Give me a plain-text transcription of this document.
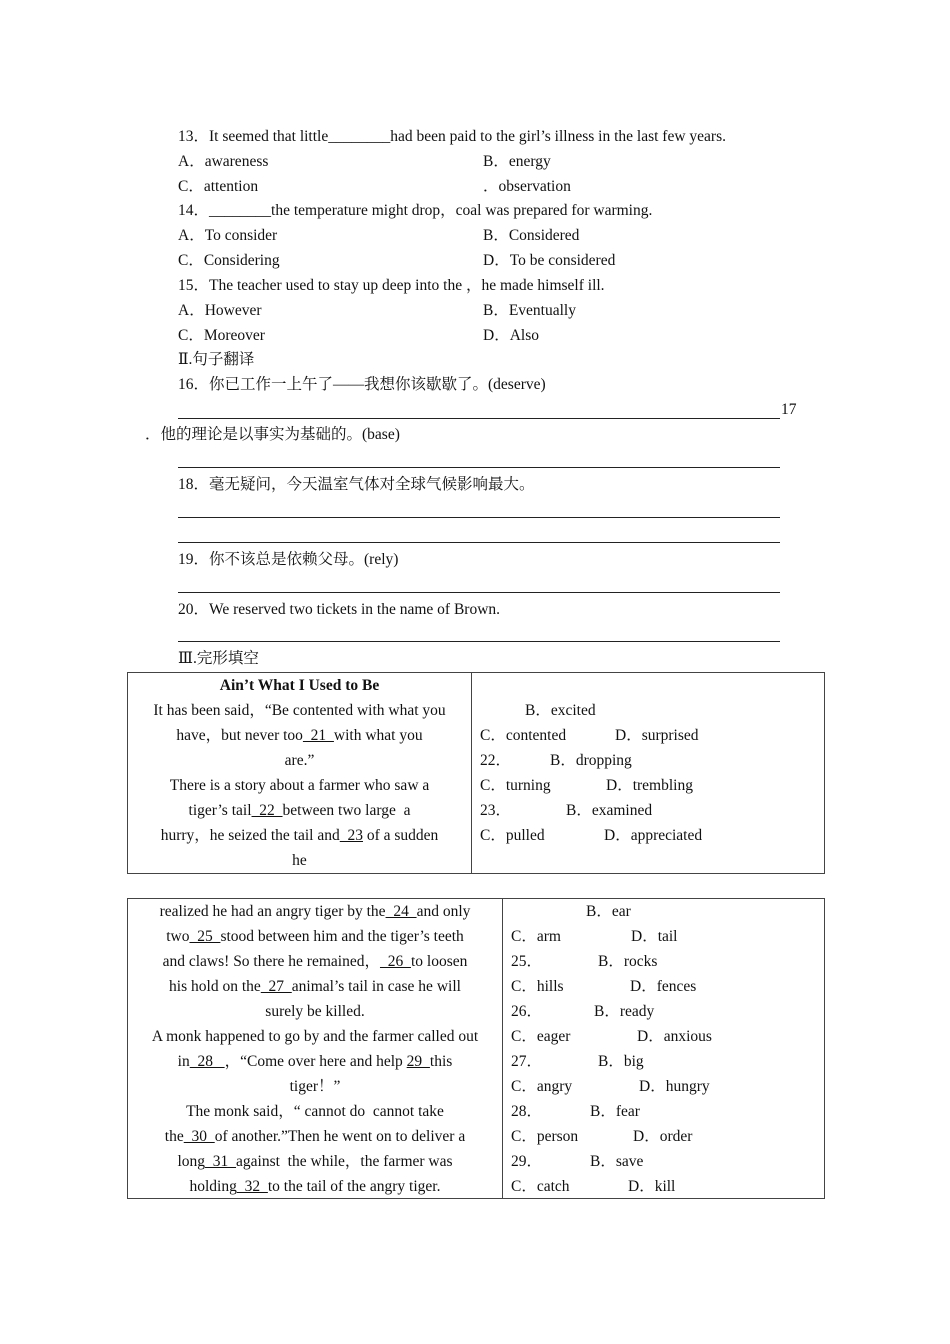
13．It seemed that little________had been paid to the girl’s illness in the last few years.
A．awareness	B．energy
C．attention	．observation
14．________the temperature might drop，coal was prepared for warming.
A．To consider	B．Considered
C．Considering	D．To be considered
15．The teacher used to stay up deep into the ，he made himself ill.
A．However	B．Eventually
C．Moreover	D．Also
Ⅱ.句子翻译
16．你已工作一上午了——我想你该歇歇了。(deserve)
17
．他的理论是以事实为基础的。(base)
18．毫无疑问，今天温室气体对全球气候影响最大。
19．你不该总是依赖父母。(rely)
20．We reserved two tickets in the name of Brown.
Ⅲ.完形填空
Ain’t What I Used to Be
It has been said，“Be contented with what you
have，but never too  21  with what you
are.”
There is a story about a farmer who saw a
tiger’s tail  22  between two large  a
hurry，he seized the tail and  23 of a sudden
he
B．excited
C．contented	D．surprised
22．	B．dropping
C．turning	D．trembling
23．	B．examined
C．pulled	D．appreciated
realized he had an angry tiger by the  24  and only
two  25  stood between him and the tiger’s teeth
and claws! So there he remained，  26  to loosen
his hold on the  27  animal’s tail in case he will
surely be killed.
A monk happened to go by and the farmer called out
in  28   ，“Come over here and help 29  this
tiger！”
The monk said，“ cannot do  cannot take
the  30  of another.”Then he went on to deliver a
long  31  against  the while，the farmer was
holding  32  to the tail of the angry tiger.
B．ear
C．arm	D．tail
25．	B．rocks
C．hills	D．fences
26．	B．ready
C．eager	D．anxious
27．	B．big
C．angry	D．hungry
28．	B．fear
C．person	D．order
29．	B．save
C．catch	D．kill
